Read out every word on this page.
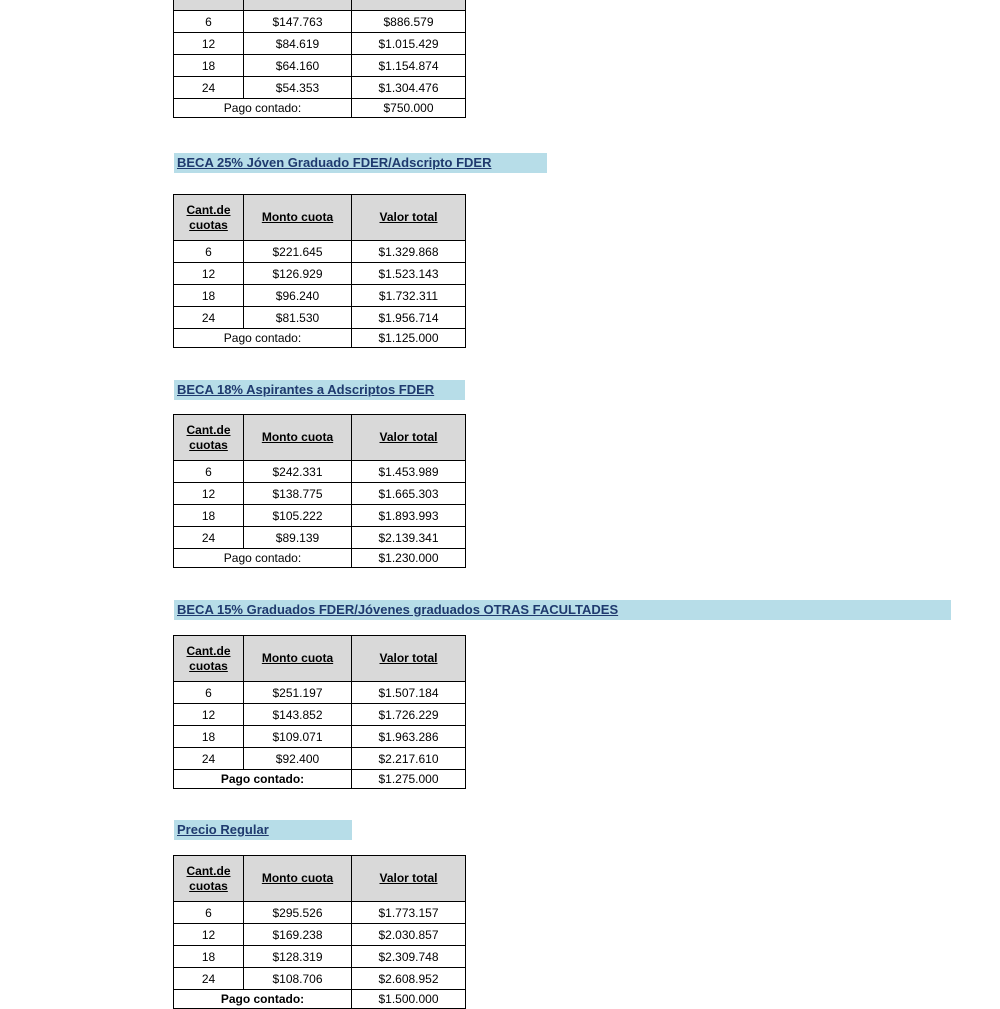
6	$147.763	$886.579
12	$84.619	$1.015.429
18	$64.160	$1.154.874
24	$54.353	$1.304.476
Pago contado:		$750.000
BECA 25% Jóven Graduado FDER/Adscripto FDER
Cant.de
cuotas	Monto cuota	Valor total
6	$221.645	$1.329.868
12	$126.929	$1.523.143
18	$96.240	$1.732.311
24	$81.530	$1.956.714
Pago contado:		$1.125.000
BECA 18% Aspirantes a Adscriptos FDER
Cant.de
cuotas	Monto cuota	Valor total
6	$242.331	$1.453.989
12	$138.775	$1.665.303
18	$105.222	$1.893.993
24	$89.139	$2.139.341
Pago contado:		$1.230.000
BECA 15% Graduados FDER/Jóvenes graduados OTRAS FACULTADES
Cant.de
cuotas	Monto cuota	Valor total
6	$251.197	$1.507.184
12	$143.852	$1.726.229
18	$109.071	$1.963.286
24	$92.400	$2.217.610
Pago contado:		$1.275.000
Precio Regular
Cant.de
cuotas	Monto cuota	Valor total
6	$295.526	$1.773.157
12	$169.238	$2.030.857
18	$128.319	$2.309.748
24	$108.706	$2.608.952
Pago contado:		$1.500.000
